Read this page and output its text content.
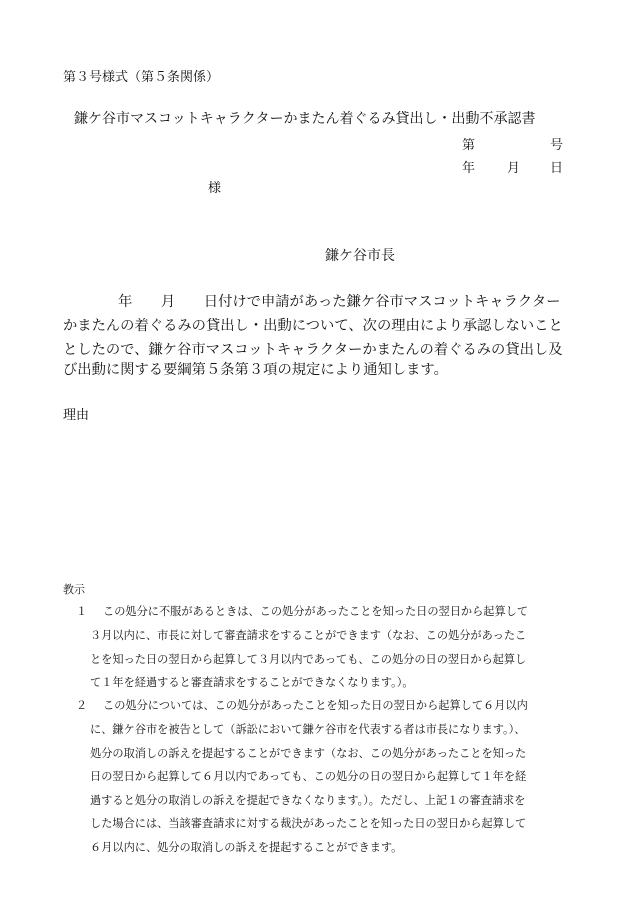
第３号様式（第５条関係）
鎌ケ谷市マスコットキャラクターかまたん着ぐるみ貸出し・出動不承認書
第	号
年 月 日
様
鎌ケ谷市長
年　　月　　日付けで申請があった鎌ケ谷市マスコットキャラクター
かまたんの着ぐるみの貸出し・出動について、次の理由により承認しないこと
としたので、鎌ケ谷市マスコットキャラクターかまたんの着ぐるみの貸出し及
び出動に関する要綱第５条第３項の規定により通知します。
理由
教示
１ この処分に不服があるときは、この処分があったことを知った日の翌日から起算して
３月以内に、市長に対して審査請求をすることができます（なお、この処分があったこ
とを知った日の翌日から起算して３月以内であっても、この処分の日の翌日から起算し
て１年を経過すると審査請求をすることができなくなります。）。
２ この処分については、この処分があったことを知った日の翌日から起算して６月以内
に、鎌ケ谷市を被告として（訴訟において鎌ケ谷市を代表する者は市長になります。）、
処分の取消しの訴えを提起することができます（なお、この処分があったことを知った
日の翌日から起算して６月以内であっても、この処分の日の翌日から起算して１年を経
過すると処分の取消しの訴えを提起できなくなります。）。ただし、上記１の審査請求を
した場合には、当該審査請求に対する裁決があったことを知った日の翌日から起算して
６月以内に、処分の取消しの訴えを提起することができます。
